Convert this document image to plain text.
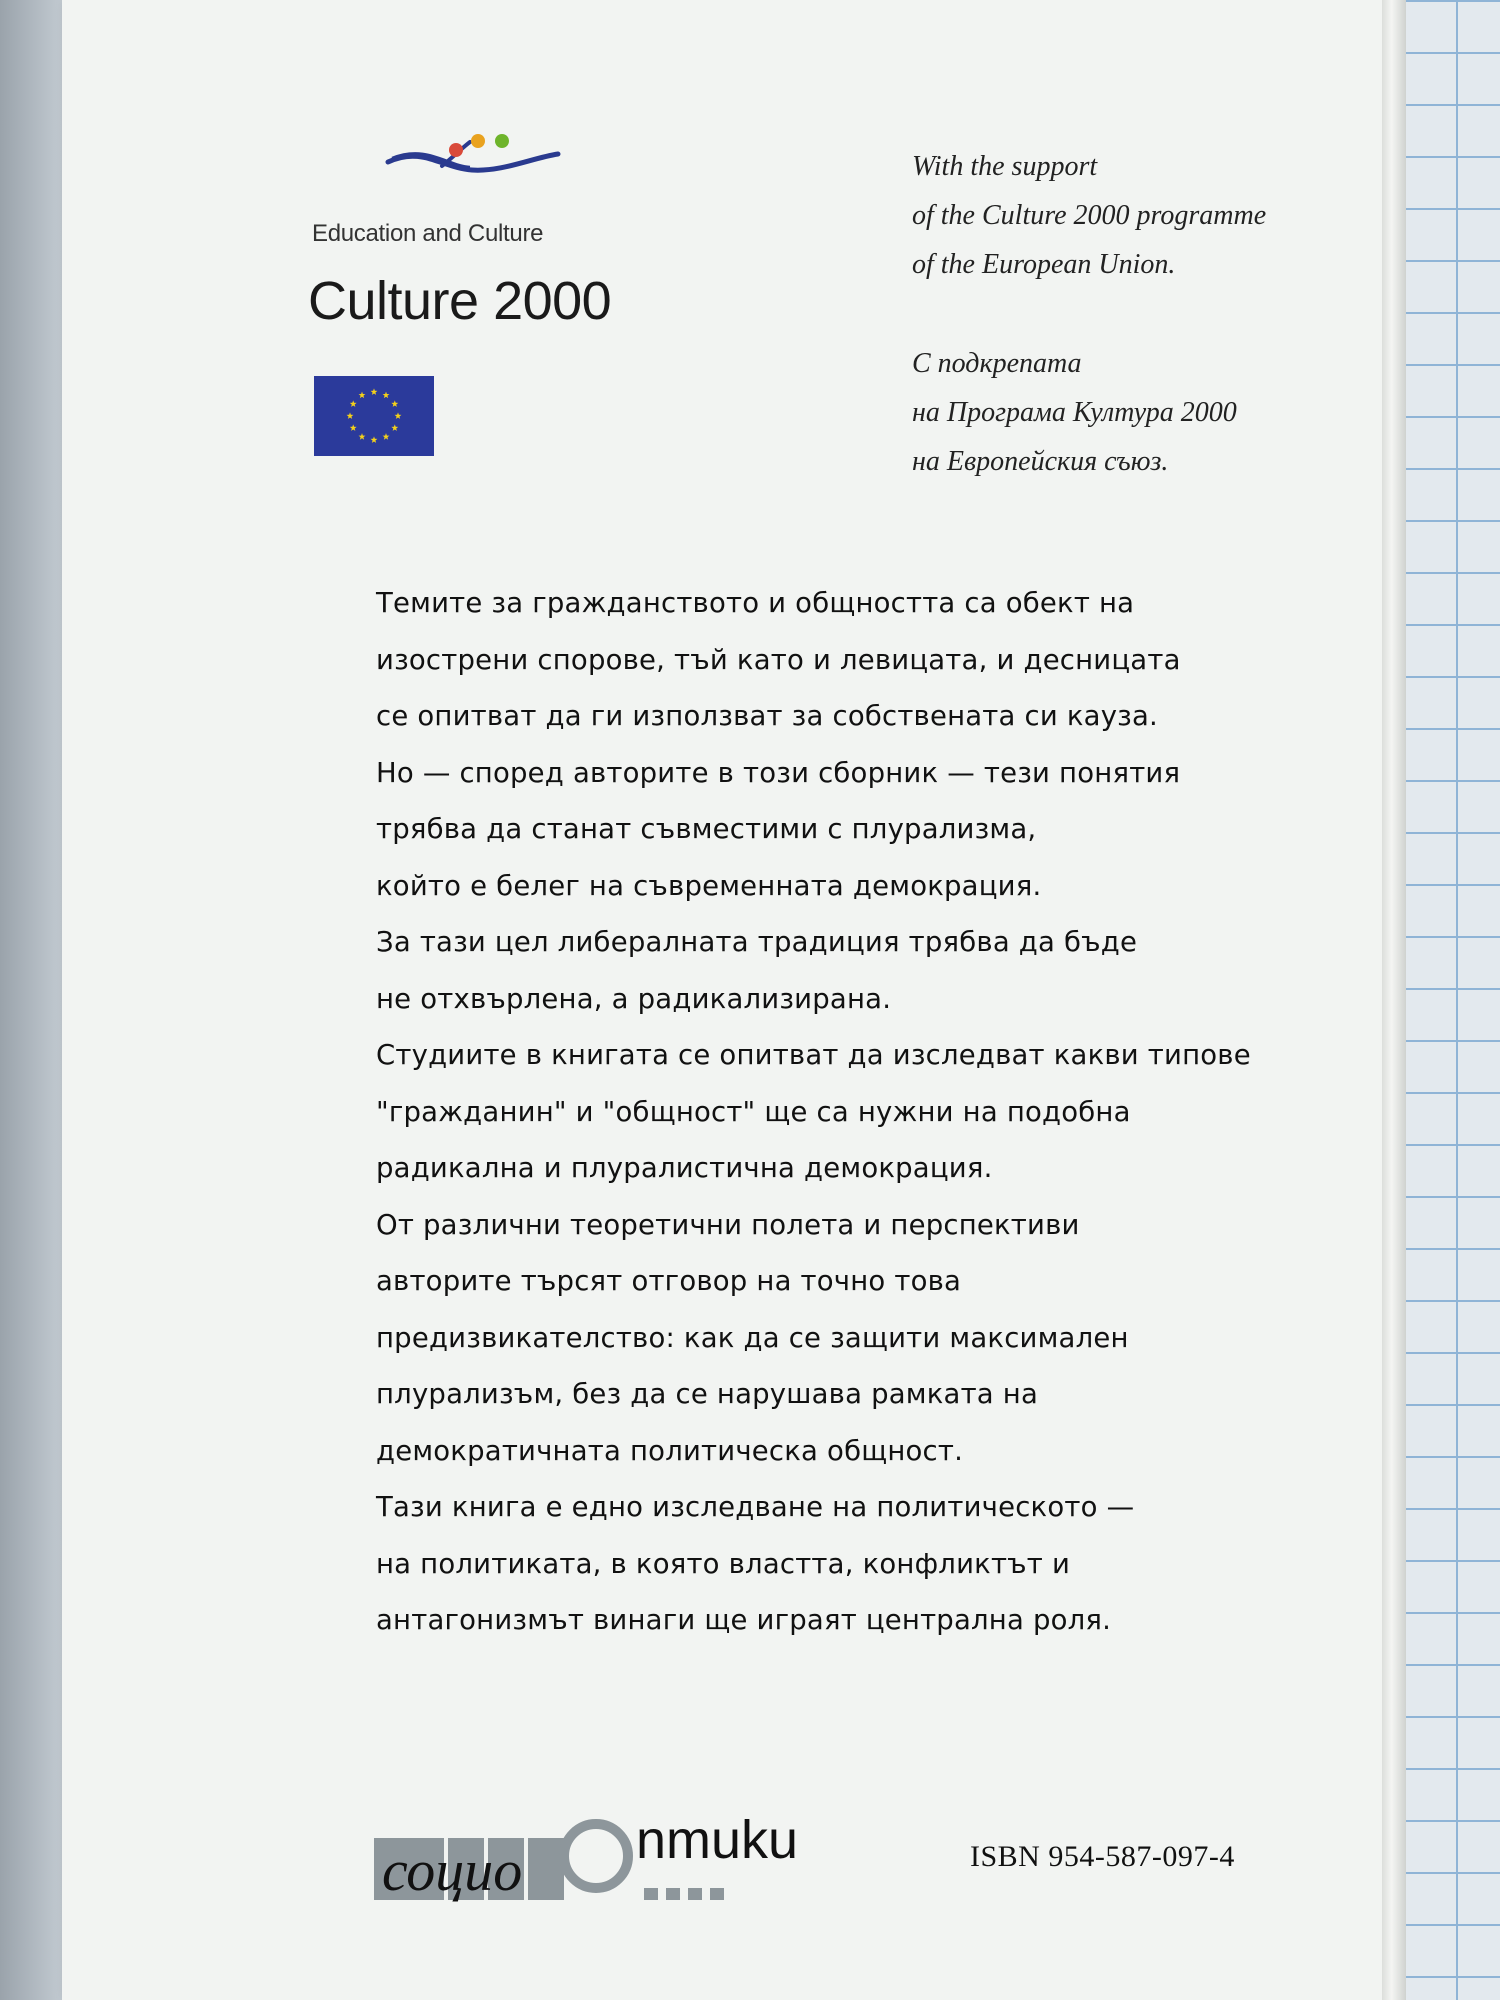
Education and Culture
Culture 2000

With the support

of the Culture 2000 programme

of the European Union.

С подкрепата

на Програма Култура 2000

на Европейския съюз.

Темите за гражданството и общността са обект на
изострени спорове, тъй като и левицата, и десницата
се опитват да ги използват за собствената си кауза.
Но — според авторите в този сборник — тези понятия
трябва да станат съвместими с плурализма,
който е белег на съвременната демокрация.
За тази цел либералната традиция трябва да бъде
не отхвърлена, а радикализирана.
Студиите в книгата се опитват да изследват какви типове
"гражданин" и "общност" ще са нужни на подобна
радикална и плуралистична демокрация.
От различни теоретични полета и перспективи
авторите търсят отговор на точно това
предизвикателство: как да се защити максимален
плурализъм, без да се нарушава рамката на
демократичната политическа общност.
Тази книга е едно изследване на политическото —
на политиката, в която властта, конфликтът и
антагонизмът винаги ще играят централна роля.
социо nmuku	ISBN 954-587-097-4
